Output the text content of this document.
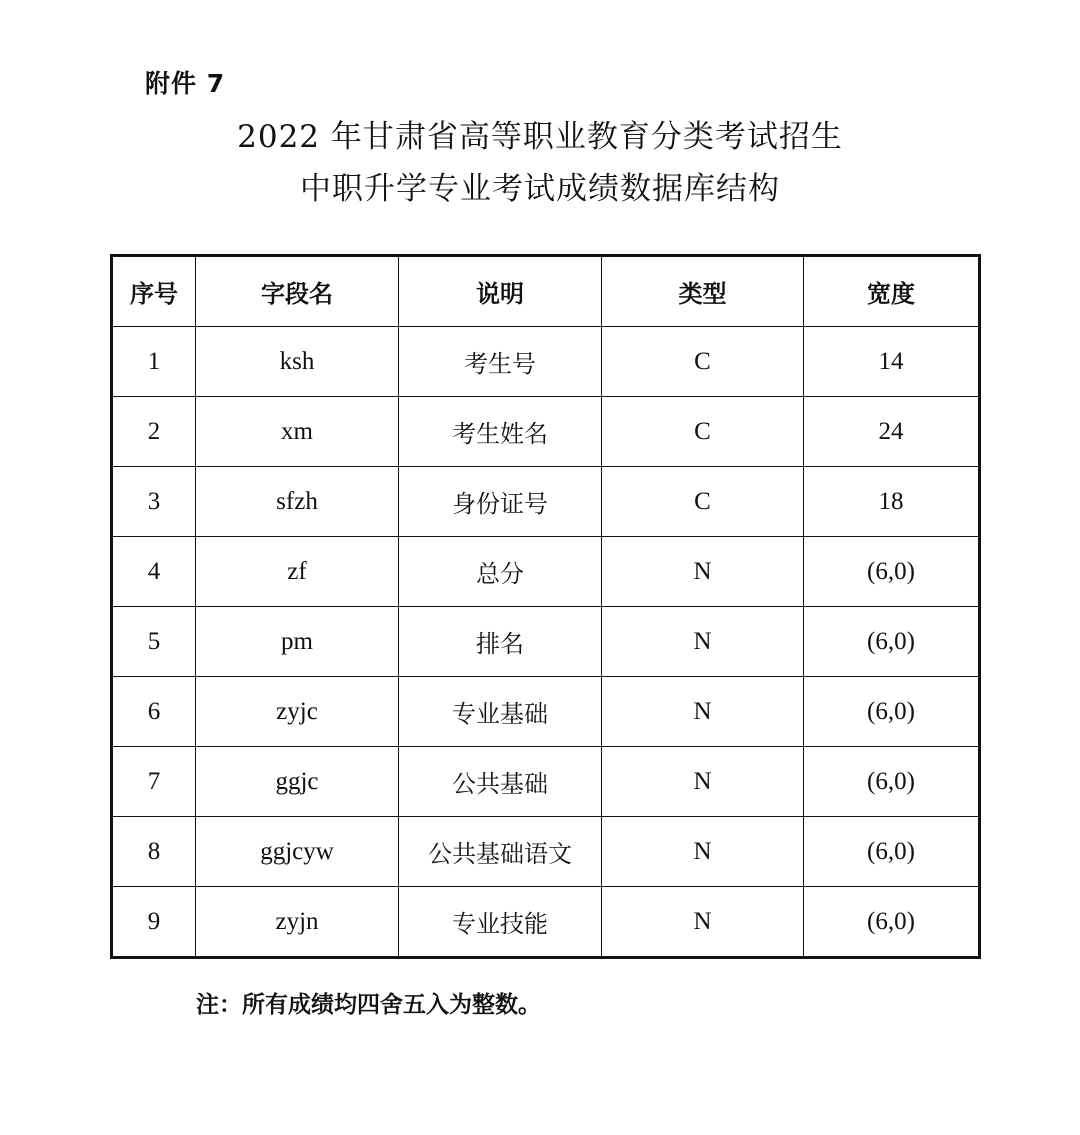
附件 7
2022 年甘肃省高等职业教育分类考试招生
中职升学专业考试成绩数据库结构
序号	字段名	说明	类型	宽度
1	ksh	考生号	C	14
2	xm	考生姓名	C	24
3	sfzh	身份证号	C	18
4	zf	总分	N	(6,0)
5	pm	排名	N	(6,0)
6	zyjc	专业基础	N	(6,0)
7	ggjc	公共基础	N	(6,0)
8	ggjcyw	公共基础语文	N	(6,0)
9	zyjn	专业技能	N	(6,0)
注：所有成绩均四舍五入为整数。
